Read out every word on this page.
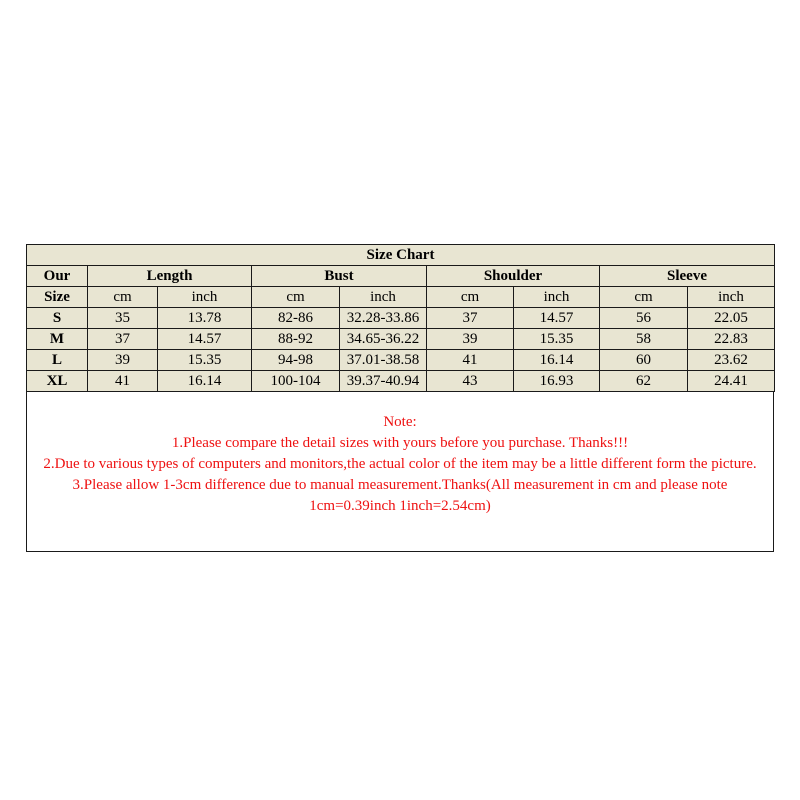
Size Chart								
Our	Length		Bust		Shoulder		Sleeve	
Size	cm	inch	cm	inch	cm	inch	cm	inch
S	35	13.78	82-86	32.28-33.86	37	14.57	56	22.05
M	37	14.57	88-92	34.65-36.22	39	15.35	58	22.83
L	39	15.35	94-98	37.01-38.58	41	16.14	60	23.62
XL	41	16.14	100-104	39.37-40.94	43	16.93	62	24.41
Note:
1.Please compare the detail sizes with yours before you purchase. Thanks!!!
2.Due to various types of computers and monitors,the actual color of the item may be a little different form the picture.
3.Please allow 1-3cm difference due to manual measurement.Thanks(All measurement in cm and please note 1cm=0.39inch 1inch=2.54cm)
